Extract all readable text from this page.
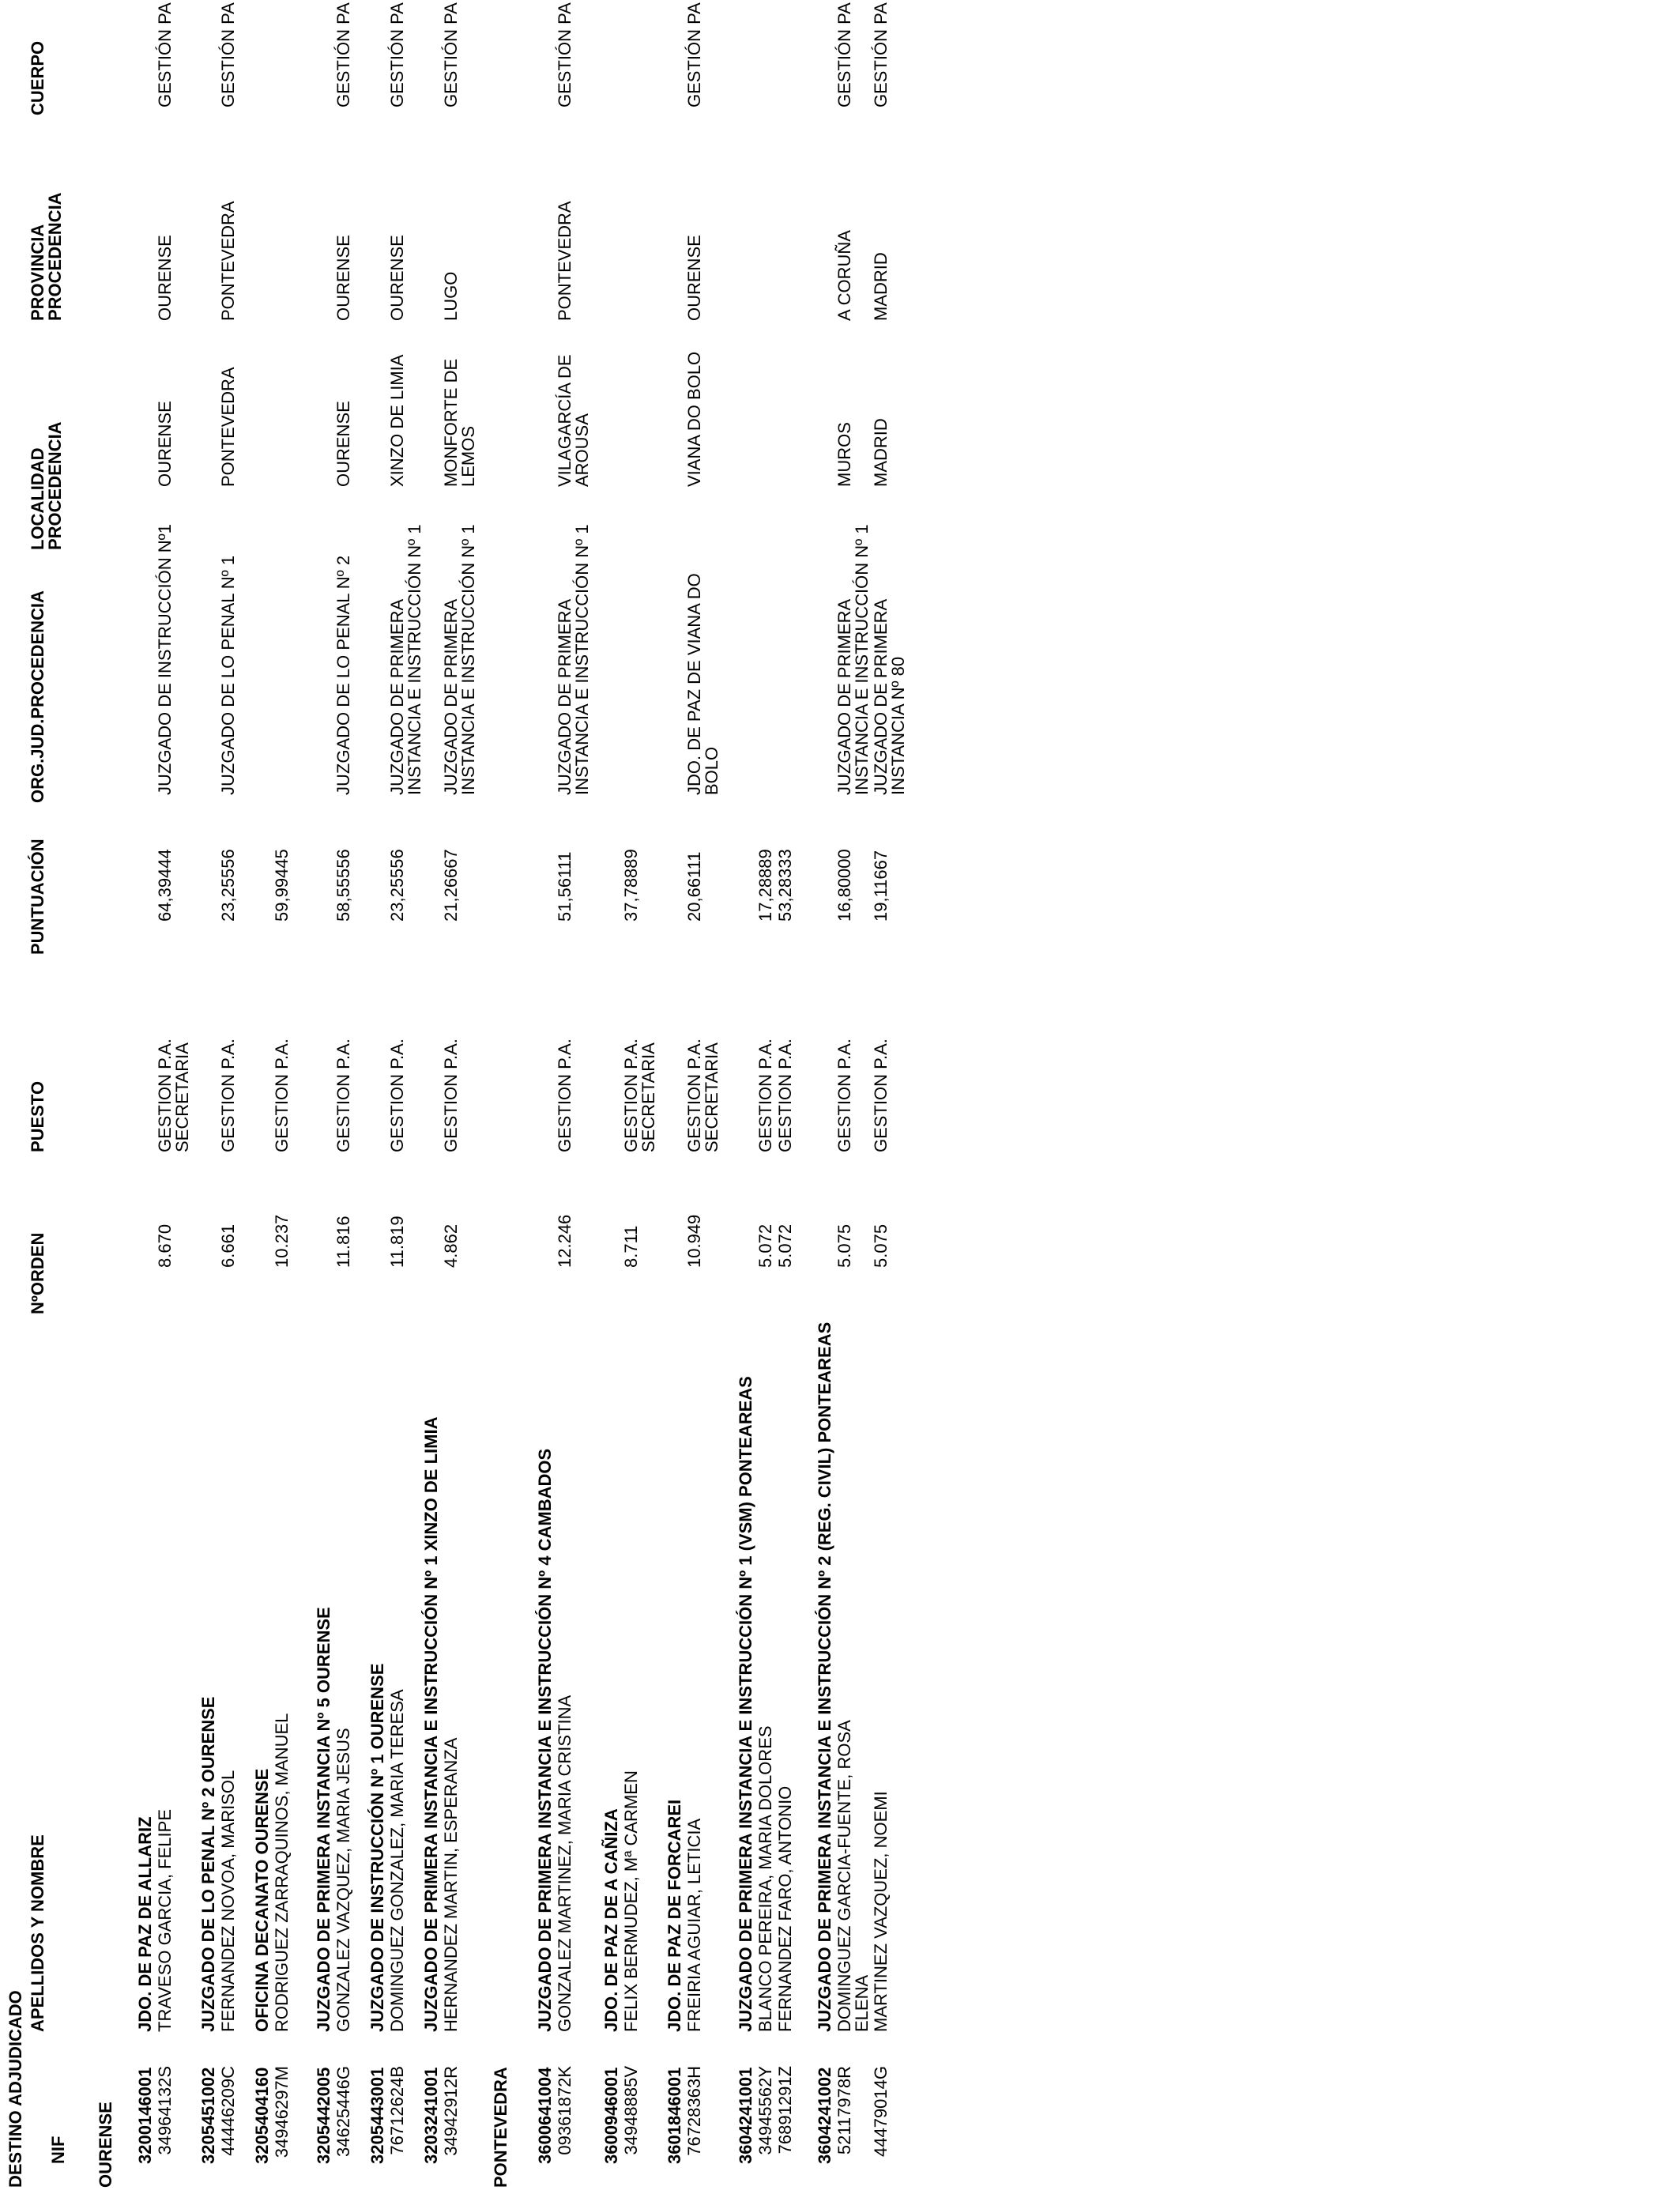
DESTINO ADJUDICADO NIF
APELLIDOS Y NOMBRE
NºORDEN
PUESTO
PUNTUACIÓN
ORG.JUD.PROCEDENCIA
CUERPO
LOCALIDAD
PROCEDENCIA
PROVINCIA
PROCEDENCIA
OURENSE 3200146001
JDO. DE PAZ DE ALLARIZ
34964132S
TRAVESO GARCIA, FELIPE
8.670
GESTION P.A.
SECRETARIA
64,39444
JUZGADO DE INSTRUCCIÓN Nº1
OURENSE
OURENSE
GESTIÓN PA
3205451002
JUZGADO DE LO PENAL Nº 2 OURENSE
44446209C
FERNANDEZ NOVOA, MARISOL
6.661
GESTION P.A.
23,25556
JUZGADO DE LO PENAL Nº 1
PONTEVEDRA
PONTEVEDRA
GESTIÓN PA
3205404160
OFICINA DECANATO OURENSE
34946297M
RODRIGUEZ ZARRAQUINOS, MANUEL
10.237
GESTION P.A.
59,99445
3205442005
JUZGADO DE PRIMERA INSTANCIA Nº 5 OURENSE
34625446G
GONZALEZ VAZQUEZ, MARIA JESUS
11.816
GESTION P.A.
58,55556
JUZGADO DE LO PENAL Nº 2
OURENSE
OURENSE
GESTIÓN PA
3205443001
JUZGADO DE INSTRUCCIÓN Nº 1 OURENSE
76712624B
DOMINGUEZ GONZALEZ, MARIA TERESA
11.819
GESTION P.A.
23,25556
JUZGADO DE PRIMERA
INSTANCIA E INSTRUCCIÓN Nº 1
XINZO DE LIMIA
OURENSE
GESTIÓN PA
3203241001
JUZGADO DE PRIMERA INSTANCIA E INSTRUCCIÓN Nº 1 XINZO DE LIMIA
34942912R
HERNANDEZ MARTIN, ESPERANZA
4.862
GESTION P.A.
21,26667
JUZGADO DE PRIMERA
INSTANCIA E INSTRUCCIÓN Nº 1
MONFORTE DE
LEMOS
LUGO
GESTIÓN PA
PONTEVEDRA 3600641004
JUZGADO DE PRIMERA INSTANCIA E INSTRUCCIÓN Nº 4 CAMBADOS
09361872K
GONZALEZ MARTINEZ, MARIA CRISTINA
12.246
GESTION P.A.
51,56111
JUZGADO DE PRIMERA
INSTANCIA E INSTRUCCIÓN Nº 1
VILAGARCÍA DE
AROUSA
PONTEVEDRA
GESTIÓN PA
3600946001
JDO. DE PAZ DE A CAÑIZA
34948885V
FELIX BERMUDEZ, Mª CARMEN
8.711
GESTION P.A.
SECRETARIA
37,78889
3601846001
JDO. DE PAZ DE FORCAREI
76728363H
FREIRIA AGUIAR, LETICIA
10.949
GESTION P.A.
SECRETARIA
20,66111
JDO. DE PAZ DE VIANA DO
BOLO
VIANA DO BOLO
OURENSE
GESTIÓN PA
3604241001
JUZGADO DE PRIMERA INSTANCIA E INSTRUCCIÓN Nº 1 (VSM) PONTEAREAS
34945562Y
BLANCO PEREIRA, MARIA DOLORES
5.072
GESTION P.A.
17,28889
76891291Z
FERNANDEZ FARO, ANTONIO
5.072
GESTION P.A.
53,28333
3604241002
JUZGADO DE PRIMERA INSTANCIA E INSTRUCCIÓN Nº 2 (REG. CIVIL) PONTEAREAS
52117978R
DOMINGUEZ GARCIA-FUENTE, ROSA
ELENA
5.075
GESTION P.A.
16,80000
JUZGADO DE PRIMERA
INSTANCIA E INSTRUCCIÓN Nº 1
MUROS
A CORUÑA
GESTIÓN PA
44479014G
MARTINEZ VAZQUEZ, NOEMI
5.075
GESTION P.A.
19,11667
JUZGADO DE PRIMERA
INSTANCIA Nº 80
MADRID
MADRID
GESTIÓN PA
